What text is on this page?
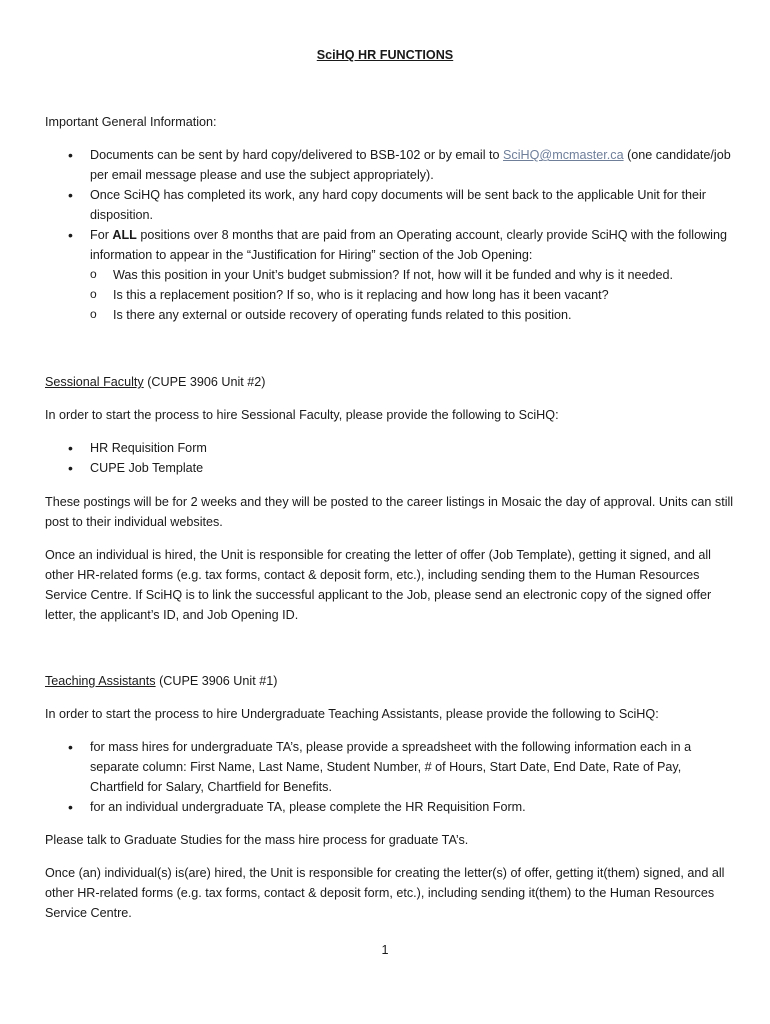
SciHQ HR FUNCTIONS
Important General Information:
• Documents can be sent by hard copy/delivered to BSB-102 or by email to SciHQ@mcmaster.ca (one candidate/job per email message please and use the subject appropriately).
• Once SciHQ has completed its work, any hard copy documents will be sent back to the applicable Unit for their disposition.
• For ALL positions over 8 months that are paid from an Operating account, clearly provide SciHQ with the following information to appear in the “Justification for Hiring” section of the Job Opening:
o Was this position in your Unit’s budget submission? If not, how will it be funded and why is it needed.
o Is this a replacement position? If so, who is it replacing and how long has it been vacant?
o Is there any external or outside recovery of operating funds related to this position.
Sessional Faculty (CUPE 3906 Unit #2)
In order to start the process to hire Sessional Faculty, please provide the following to SciHQ:
• HR Requisition Form
• CUPE Job Template
These postings will be for 2 weeks and they will be posted to the career listings in Mosaic the day of approval. Units can still post to their individual websites.
Once an individual is hired, the Unit is responsible for creating the letter of offer (Job Template), getting it signed, and all other HR-related forms (e.g. tax forms, contact & deposit form, etc.), including sending them to the Human Resources Service Centre. If SciHQ is to link the successful applicant to the Job, please send an electronic copy of the signed offer letter, the applicant’s ID, and Job Opening ID.
Teaching Assistants (CUPE 3906 Unit #1)
In order to start the process to hire Undergraduate Teaching Assistants, please provide the following to SciHQ:
• for mass hires for undergraduate TA’s, please provide a spreadsheet with the following information each in a separate column: First Name, Last Name, Student Number, # of Hours, Start Date, End Date, Rate of Pay, Chartfield for Salary, Chartfield for Benefits.
• for an individual undergraduate TA, please complete the HR Requisition Form.
Please talk to Graduate Studies for the mass hire process for graduate TA’s.
Once (an) individual(s) is(are) hired, the Unit is responsible for creating the letter(s) of offer, getting it(them) signed, and all other HR-related forms (e.g. tax forms, contact & deposit form, etc.), including sending it(them) to the Human Resources Service Centre.
1
